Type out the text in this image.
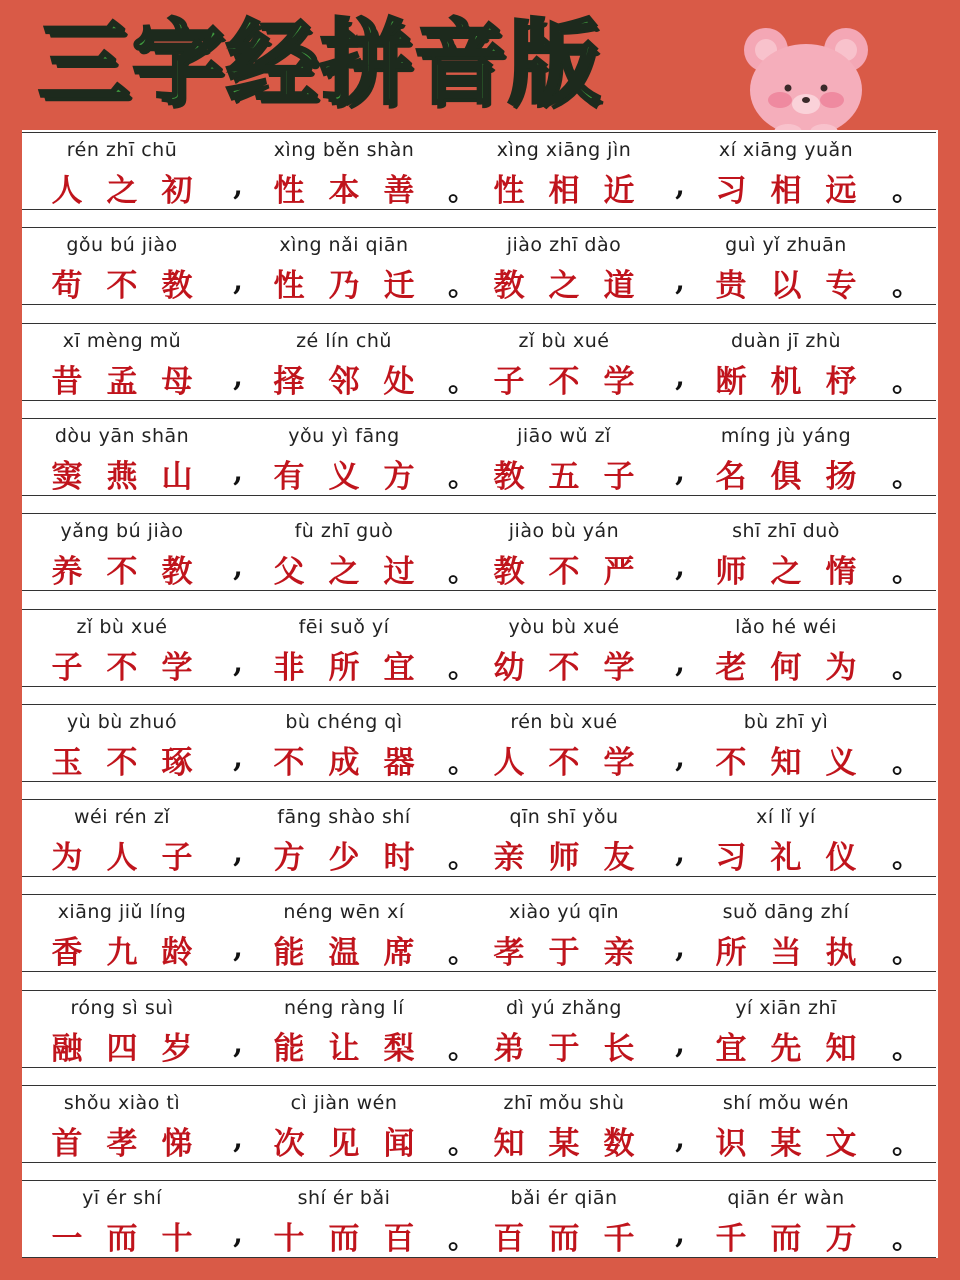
三字经拼音版
rén zhī chū
人之初 ,
xìng běn shàn
性本善 。
xìng xiāng jìn
性相近 ,
xí xiāng yuǎn
习相远 。
gǒu bú jiào
苟不教 ,
xìng nǎi qiān
性乃迁 。
jiào zhī dào
教之道 ,
guì yǐ zhuān
贵以专 。
xī mèng mǔ
昔孟母 ,
zé lín chǔ
择邻处 。
zǐ bù xué
子不学 ,
duàn jī zhù
断机杼 。
dòu yān shān
窦燕山 ,
yǒu yì fāng
有义方 。
jiāo wǔ zǐ
教五子 ,
míng jù yáng
名俱扬 。
yǎng bú jiào
养不教 ,
fù zhī guò
父之过 。
jiào bù yán
教不严 ,
shī zhī duò
师之惰 。
zǐ bù xué
子不学 ,
fēi suǒ yí
非所宜 。
yòu bù xué
幼不学 ,
lǎo hé wéi
老何为 。
yù bù zhuó
玉不琢 ,
bù chéng qì
不成器 。
rén bù xué
人不学 ,
bù zhī yì
不知义 。
wéi rén zǐ
为人子 ,
fāng shào shí
方少时 。
qīn shī yǒu
亲师友 ,
xí lǐ yí
习礼仪 。
xiāng jiǔ líng
香九龄 ,
néng wēn xí
能温席 。
xiào yú qīn
孝于亲 ,
suǒ dāng zhí
所当执 。
róng sì suì
融四岁 ,
néng ràng lí
能让梨 。
dì yú zhǎng
弟于长 ,
yí xiān zhī
宜先知 。
shǒu xiào tì
首孝悌 ,
cì jiàn wén
次见闻 。
zhī mǒu shù
知某数 ,
shí mǒu wén
识某文 。
yī ér shí
一而十 ,
shí ér bǎi
十而百 。
bǎi ér qiān
百而千 ,
qiān ér wàn
千而万 。
